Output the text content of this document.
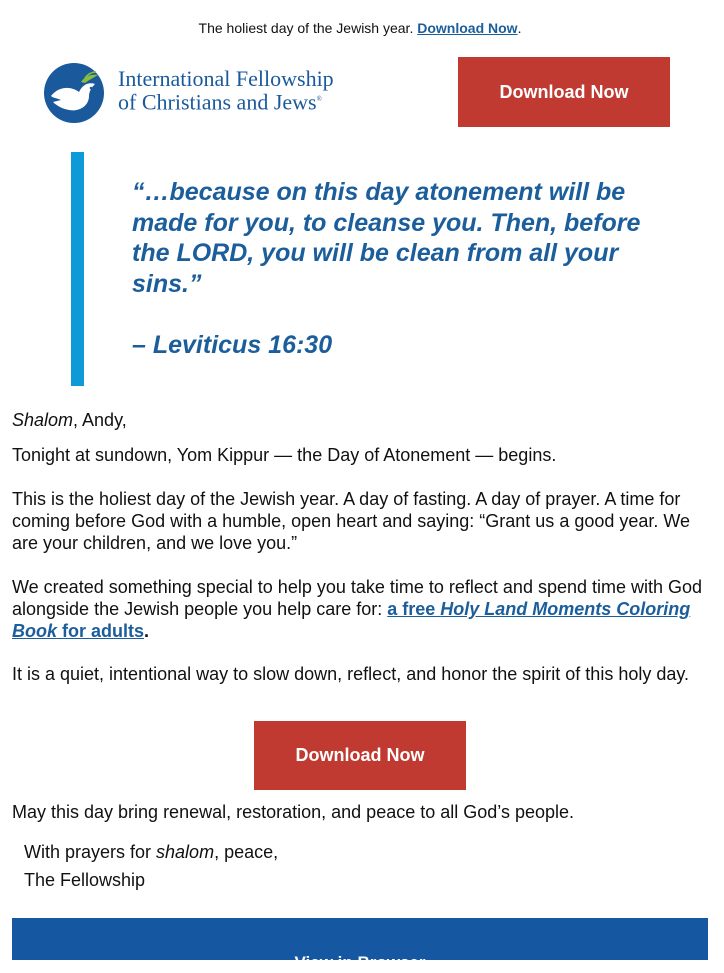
The holiest day of the Jewish year. Download Now.
International Fellowship
of Christians and Jews®	Download Now
“…because on this day atonement will be made for you, to cleanse you. Then, before the LORD, you will be clean from all your sins.”
– Leviticus 16:30
Shalom, Andy,
Tonight at sundown, Yom Kippur — the Day of Atonement — begins.
This is the holiest day of the Jewish year. A day of fasting. A day of prayer. A time for coming before God with a humble, open heart and saying: “Grant us a good year. We are your children, and we love you.”
We created something special to help you take time to reflect and spend time with God alongside the Jewish people you help care for: a free Holy Land Moments Coloring Book for adults.
It is a quiet, intentional way to slow down, reflect, and honor the spirit of this holy day.
Download Now
May this day bring renewal, restoration, and peace to all God’s people.
With prayers for shalom, peace,
The Fellowship
View in Browser
